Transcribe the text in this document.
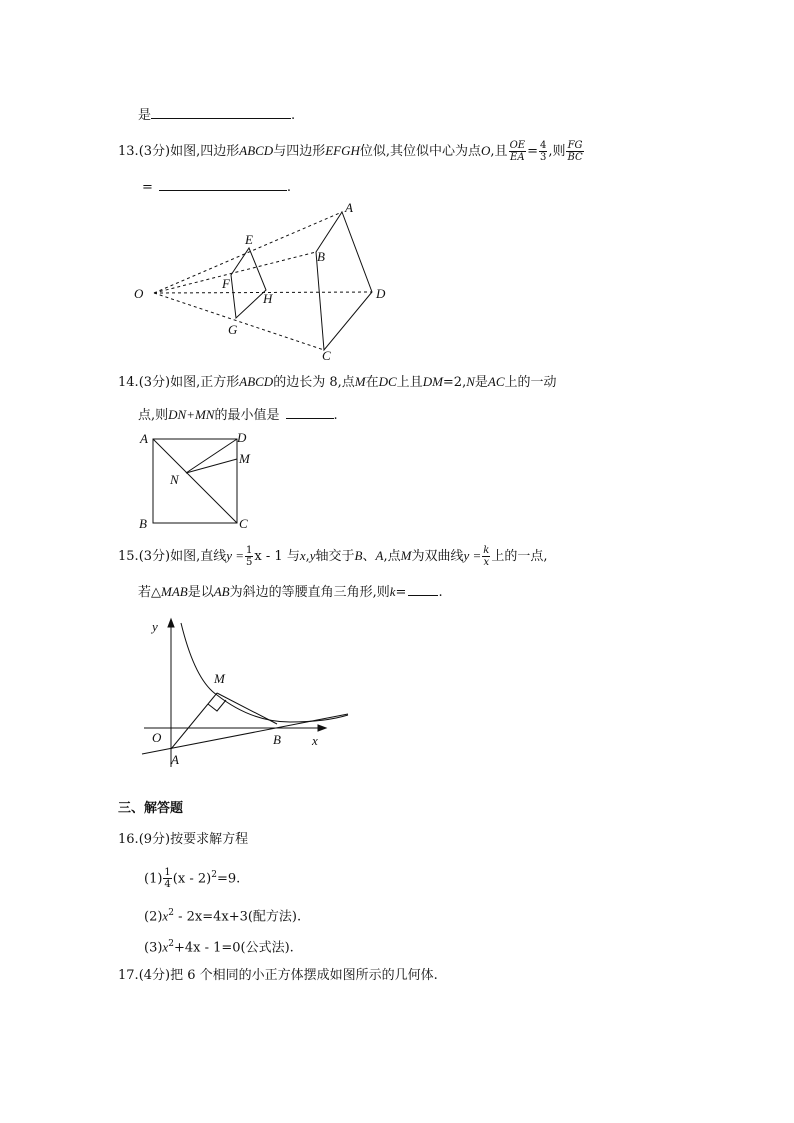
是	.
13.(3分)如图,四边形ABCD与四边形EFGH位似,其位似中心为点O,且 $\frac{OE}{EA} = \frac{4}{3}$ ,则 $\frac{FG}{BC}$
=	.
O
A
B
C
D
E
F
G
H
14.(3分)如图,正方形ABCD的边长为 8,点M在DC上且DM=2,N是AC上的一动
点,则DN+MN的最小值是	.
A	D
M
N
B	C
15.(3分)如图,直线$y = \frac{1}{5}$ x - 1 与x,y轴交于B、A,点M为双曲线$y = \frac{k}{x}$ 上的一点,
若△MAB是以AB为斜边的等腰直角三角形,则k= .
y
x
O
A
B
M
三、解答题
16.(9分)按要求解方程
$(1) \frac{1}{4} (x - 2)^2=9$.
$(2)x^2 - 2x=4x+3$(配方法).
$(3)x^2+4x - 1=0$(公式法).
17.(4分)把 6 个相同的小正方体摆成如图所示的几何体.
